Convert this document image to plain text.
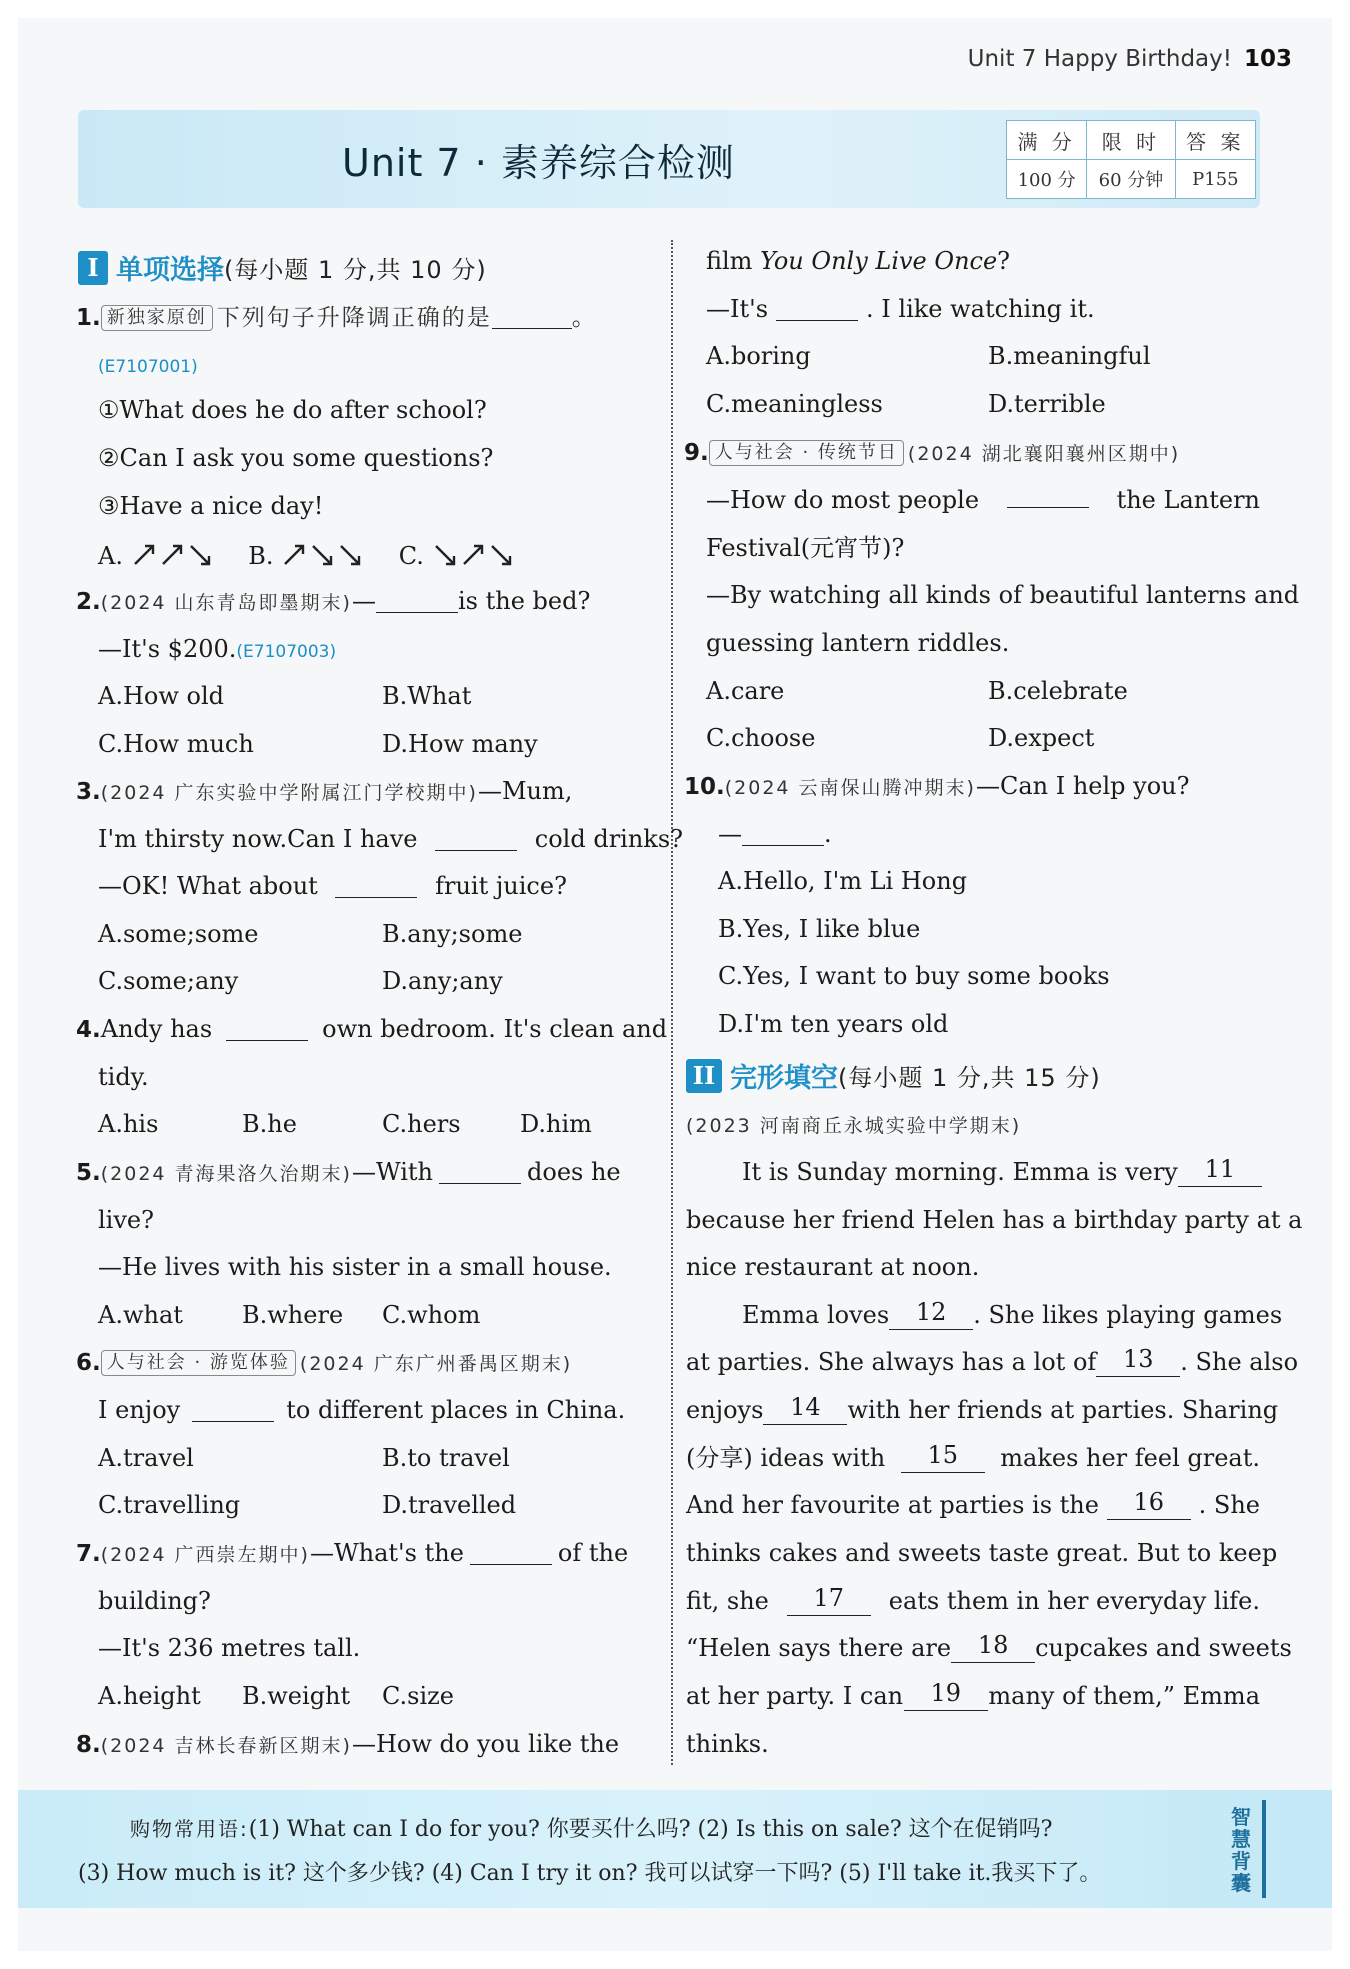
Unit 7 Happy Birthday! 103
Unit 7 · 素养综合检测	满 分	限 时	答 案
100 分	60 分钟	P155
I 单项选择(每小题 1 分,共 10 分)
1. 新独家原创 下列句子升降调正确的是	。
(E7107001)
①What does he do after school?
②Can I ask you some questions?
③Have a nice day!
A.	B.	C.
2.(2024 山东青岛即墨期末)—	is the bed?
—It's $200.(E7107003)
A.How old	B.What
C.How much	D.How many
3.(2024 广东实验中学附属江门学校期中)—Mum,
I'm thirsty now.Can I have	cold drinks?
—OK! What about	fruit juice?
A.some;some	B.any;some
C.some;any	D.any;any
4.Andy has	own bedroom. It's clean and
tidy.
A.his	B.he	C.hers D.him
5.(2024 青海果洛久治期末)—With	does he
live?
—He lives with his sister in a small house.
A.what B.where C.whom
6. 人与社会 · 游览体验 (2024 广东广州番禺区期末)
I enjoy	to different places in China.
A.travel	B.to travel
C.travelling	D.travelled
7.(2024 广西崇左期中)—What's the	of the
building?
—It's 236 metres tall.
A.height B.weight C.size
8.(2024 吉林长春新区期末)—How do you like the
film You Only Live Once?
—It's	. I like watching it.
A.boring	B.meaningful
C.meaningless	D.terrible
9. 人与社会 · 传统节日 (2024 湖北襄阳襄州区期中)
—How do most people	the Lantern
Festival(元宵节)?
—By watching all kinds of beautiful lanterns and
guessing lantern riddles.
A.care	B.celebrate
C.choose	D.expect
10.(2024 云南保山腾冲期末)—Can I help you?
—	.
A.Hello, I'm Li Hong
B.Yes, I like blue
C.Yes, I want to buy some books
D.I'm ten years old
II 完形填空(每小题 1 分,共 15 分)
(2023 河南商丘永城实验中学期末)
It is Sunday morning. Emma is very	11
because her friend Helen has a birthday party at a
nice restaurant at noon.
Emma loves	12	. She likes playing games
at parties. She always has a lot of	13	. She also
enjoys	14	with her friends at parties. Sharing
(分享) ideas with	15	makes her feel great.
And her favourite at parties is the	16	. She
thinks cakes and sweets taste great. But to keep
fit, she	17	eats them in her everyday life.
“Helen says there are	18	cupcakes and sweets
at her party. I can	19	many of them,” Emma
thinks.
购物常用语:(1) What can I do for you? 你要买什么吗? (2) Is this on sale? 这个在促销吗?
(3) How much is it? 这个多少钱? (4) Can I try it on? 我可以试穿一下吗? (5) I'll take it.我买下了。
智
慧
背
囊
